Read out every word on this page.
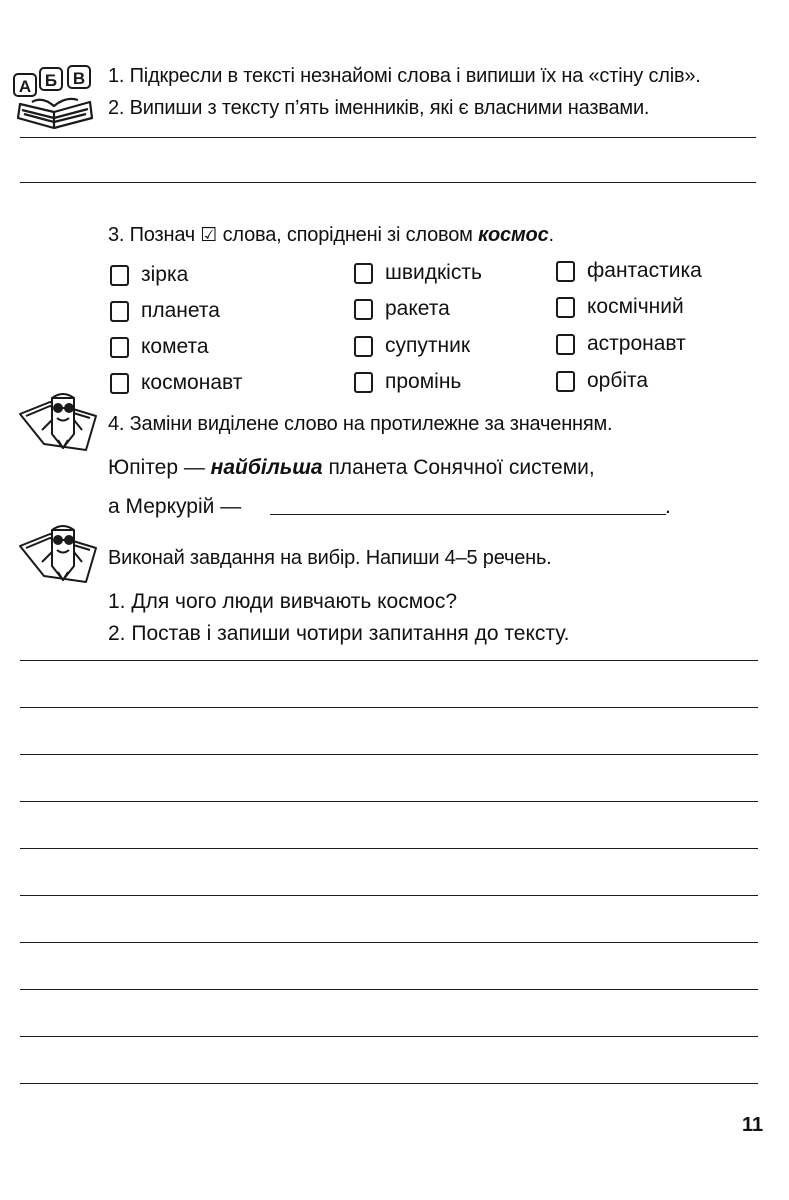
А Б В 1. Підкресли в тексті незнайомі слова і випиши їх на «стіну слів».
2. Випиши з тексту п’ять іменників, які є власними назвами.
3. Познач ☑ слова, споріднені зі словом космос.
зірка	швидкість	фантастика
планета	ракета	космічний
комета	супутник	астронавт
космонавт	промінь	орбіта
4. Заміни виділене слово на протилежне за значенням.
Юпітер — найбільша планета Сонячної системи,
а Меркурій —	.
Виконай завдання на вибір. Напиши 4–5 речень.
1. Для чого люди вивчають космос?
2. Постав і запиши чотири запитання до тексту.
11
